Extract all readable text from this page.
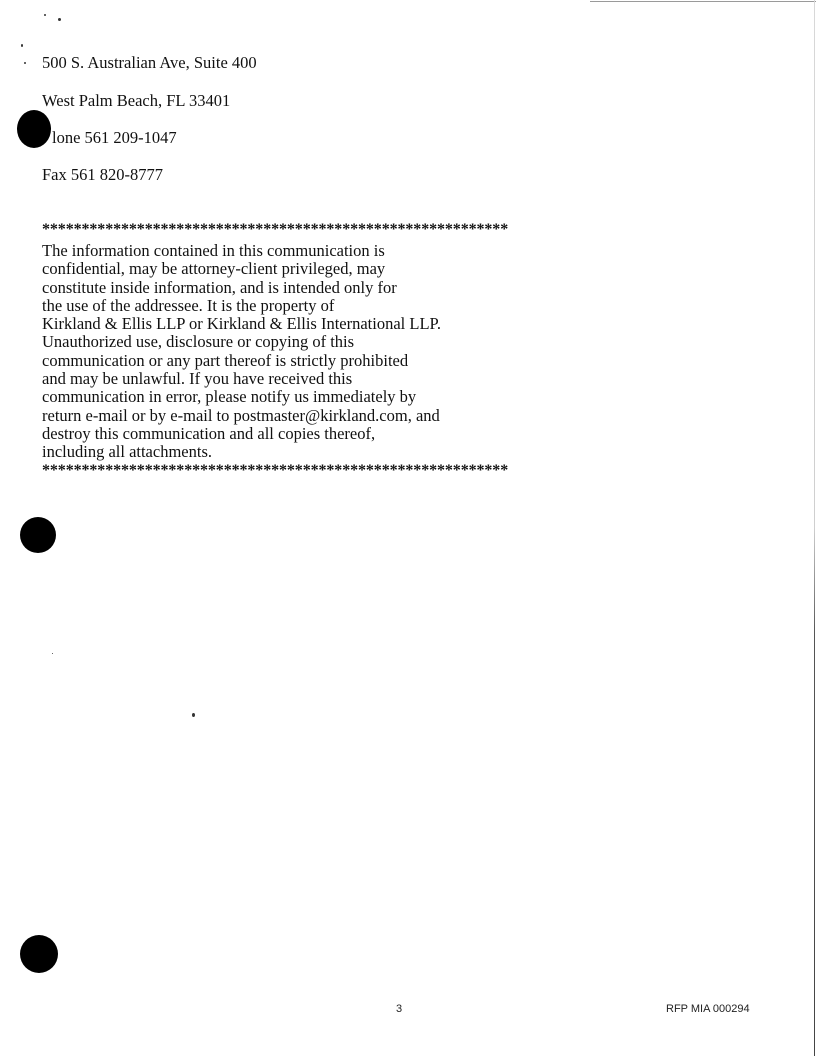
500 S. Australian Ave, Suite 400
West Palm Beach, FL 33401
lone 561 209-1047
Fax 561 820-8777
***********************************************************
The information contained in this communication is
confidential, may be attorney-client privileged, may
constitute inside information, and is intended only for
the use of the addressee. It is the property of
Kirkland & Ellis LLP or Kirkland & Ellis International LLP.
Unauthorized use, disclosure or copying of this
communication or any part thereof is strictly prohibited
and may be unlawful. If you have received this
communication in error, please notify us immediately by
return e-mail or by e-mail to postmaster@kirkland.com, and
destroy this communication and all copies thereof,
including all attachments.
***********************************************************
3	RFP MIA 000294
